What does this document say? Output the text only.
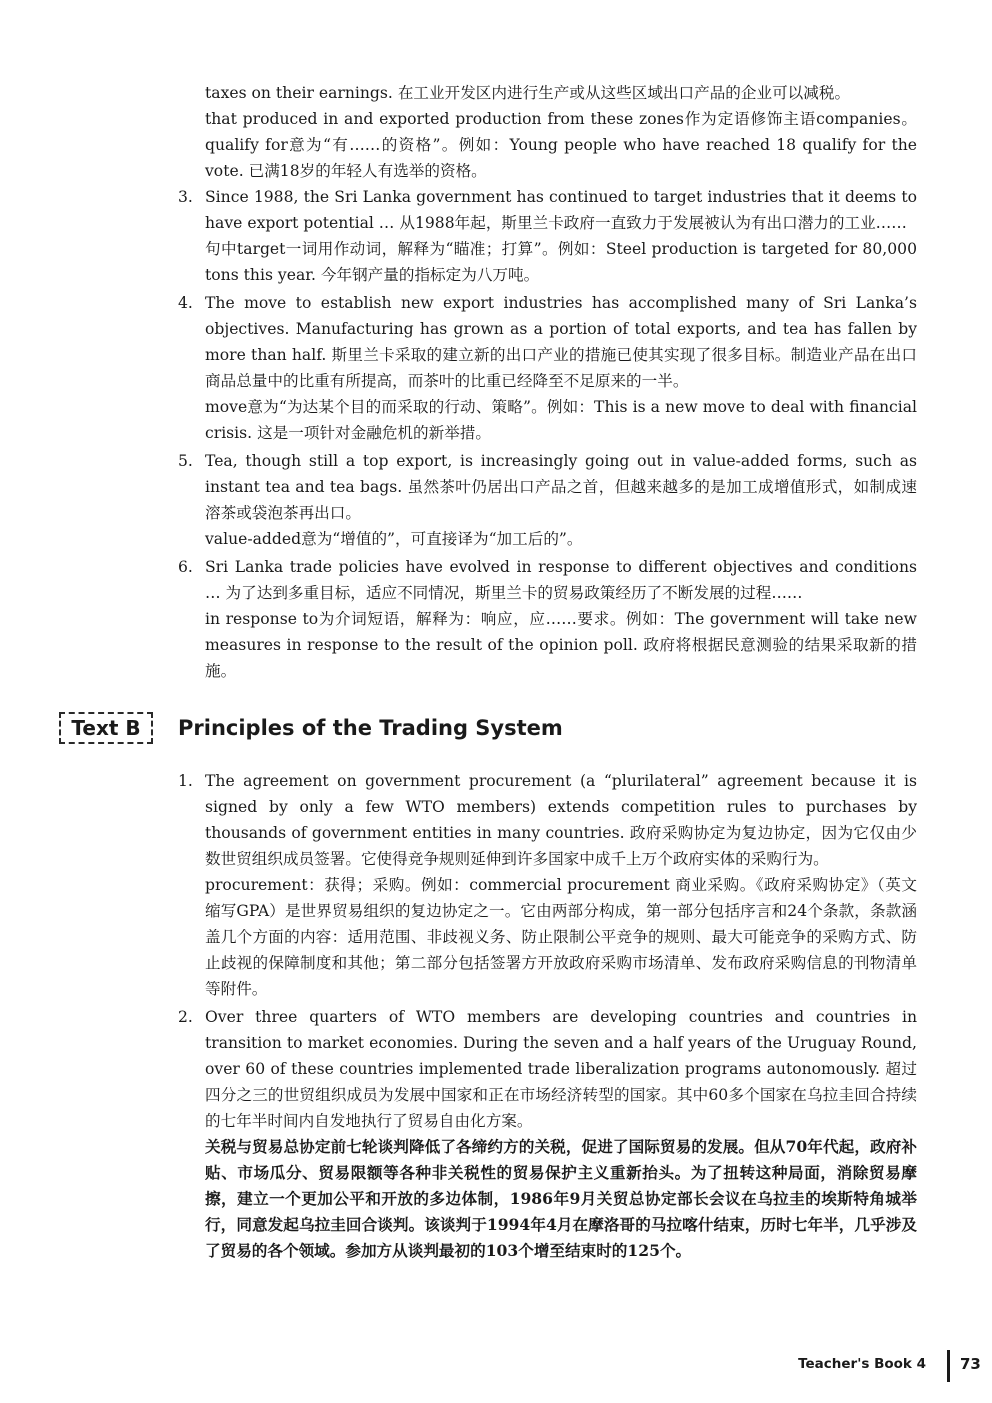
taxes on their earnings. 在工业开发区内进行生产或从这些区域出口产品的企业可以减税。

that produced in and exported production from these zones作为定语修饰主语companies。qualify for意为“有……的资格”。例如：Young people who have reached 18 qualify for the vote. 已满18岁的年轻人有选举的资格。

3. Since 1988, the Sri Lanka government has continued to target industries that it deems to have export potential … 从1988年起，斯里兰卡政府一直致力于发展被认为有出口潜力的工业……

句中target一词用作动词，解释为“瞄准；打算”。例如：Steel production is targeted for 80,000 tons this year. 今年钢产量的指标定为八万吨。

4. The move to establish new export industries has accomplished many of Sri Lanka’s objectives. Manufacturing has grown as a portion of total exports, and tea has fallen by more than half. 斯里兰卡采取的建立新的出口产业的措施已使其实现了很多目标。制造业产品在出口商品总量中的比重有所提高，而茶叶的比重已经降至不足原来的一半。

move意为“为达某个目的而采取的行动、策略”。例如：This is a new move to deal with financial crisis. 这是一项针对金融危机的新举措。

5. Tea, though still a top export, is increasingly going out in value-added forms, such as instant tea and tea bags. 虽然茶叶仍居出口产品之首，但越来越多的是加工成增值形式，如制成速溶茶或袋泡茶再出口。

value-added意为“增值的”，可直接译为“加工后的”。

6. Sri Lanka trade policies have evolved in response to different objectives and conditions … 为了达到多重目标，适应不同情况，斯里兰卡的贸易政策经历了不断发展的过程……

in response to为介词短语，解释为：响应，应……要求。例如：The government will take new measures in response to the result of the opinion poll. 政府将根据民意测验的结果采取新的措施。

Text B	Principles of the Trading System
1. The agreement on government procurement (a “plurilateral” agreement because it is signed by only a few WTO members) extends competition rules to purchases by thousands of government entities in many countries. 政府采购协定为复边协定，因为它仅由少数世贸组织成员签署。它使得竞争规则延伸到许多国家中成千上万个政府实体的采购行为。

procurement：获得；采购。例如：commercial procurement 商业采购。《政府采购协定》（英文缩写GPA）是世界贸易组织的复边协定之一。它由两部分构成，第一部分包括序言和24个条款，条款涵盖几个方面的内容：适用范围、非歧视义务、防止限制公平竞争的规则、最大可能竞争的采购方式、防止歧视的保障制度和其他；第二部分包括签署方开放政府采购市场清单、发布政府采购信息的刊物清单等附件。

2. Over three quarters of WTO members are developing countries and countries in transition to market economies. During the seven and a half years of the Uruguay Round, over 60 of these countries implemented trade liberalization programs autonomously. 超过四分之三的世贸组织成员为发展中国家和正在市场经济转型的国家。其中60多个国家在乌拉圭回合持续的七年半时间内自发地执行了贸易自由化方案。

关税与贸易总协定前七轮谈判降低了各缔约方的关税，促进了国际贸易的发展。但从70年代起，政府补贴、市场瓜分、贸易限额等各种非关税性的贸易保护主义重新抬头。为了扭转这种局面，消除贸易摩擦，建立一个更加公平和开放的多边体制，1986年9月关贸总协定部长会议在乌拉圭的埃斯特角城举行，同意发起乌拉圭回合谈判。该谈判于1994年4月在摩洛哥的马拉喀什结束，历时七年半，几乎涉及了贸易的各个领域。参加方从谈判最初的103个增至结束时的125个。

Teacher's Book 4 73
